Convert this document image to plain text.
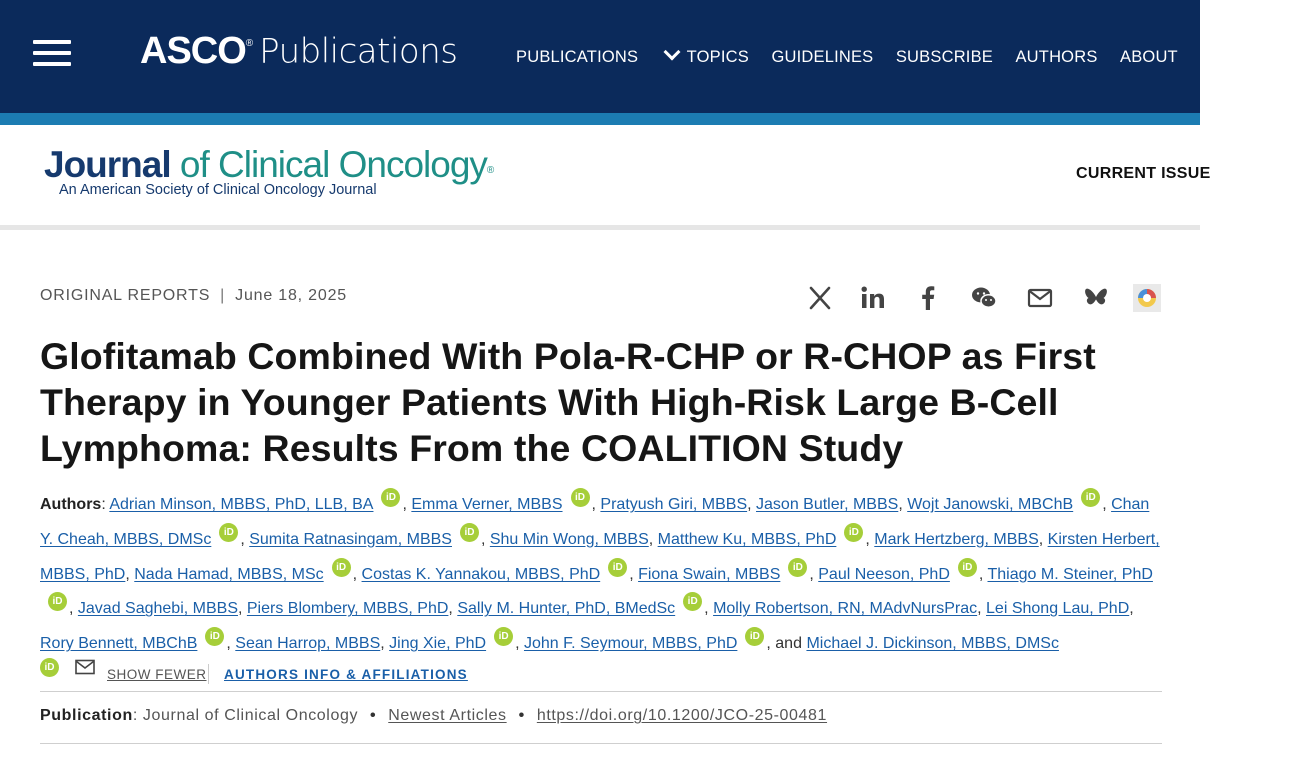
ASCO® Publications	PUBLICATIONS	TOPICS GUIDELINES SUBSCRIBE AUTHORS ABOUT CAREERS
Journal of Clinical Oncology®
An American Society of Clinical Oncology Journal
CURRENT ISSUE
ORIGINAL REPORTS | June 18, 2025
Glofitamab Combined With Pola-R-CHP or R-CHOP as First Therapy in Younger Patients With High-Risk Large B-Cell Lymphoma: Results From the COALITION Study
Authors: Adrian Minson, MBBS, PhD, LLB, BA iD , Emma Verner, MBBS iD , Pratyush Giri, MBBS, Jason Butler, MBBS, Wojt Janowski, MBChB iD , Chan Y. Cheah, MBBS, DMSc iD , Sumita Ratnasingam, MBBS iD , Shu Min Wong, MBBS, Matthew Ku, MBBS, PhD iD , Mark Hertzberg, MBBS, Kirsten Herbert, MBBS, PhD, Nada Hamad, MBBS, MSc iD , Costas K. Yannakou, MBBS, PhD iD , Fiona Swain, MBBS iD , Paul Neeson, PhD iD , Thiago M. Steiner, PhDiD , Javad Saghebi, MBBS, Piers Blombery, MBBS, PhD, Sally M. Hunter, PhD, BMedSc iD , Molly Robertson, RN, MAdvNursPrac, Lei Shong Lau, PhD, Rory Bennett, MBChB iD , Sean Harrop, MBBS, Jing Xie, PhD iD , John F. Seymour, MBBS, PhD iD , and Michael J. Dickinson, MBBS, DMSc
iD	SHOW FEWER AUTHORS INFO & AFFILIATIONS
Publication: Journal of Clinical Oncology • Newest Articles • https://doi.org/10.1200/JCO-25-00481
